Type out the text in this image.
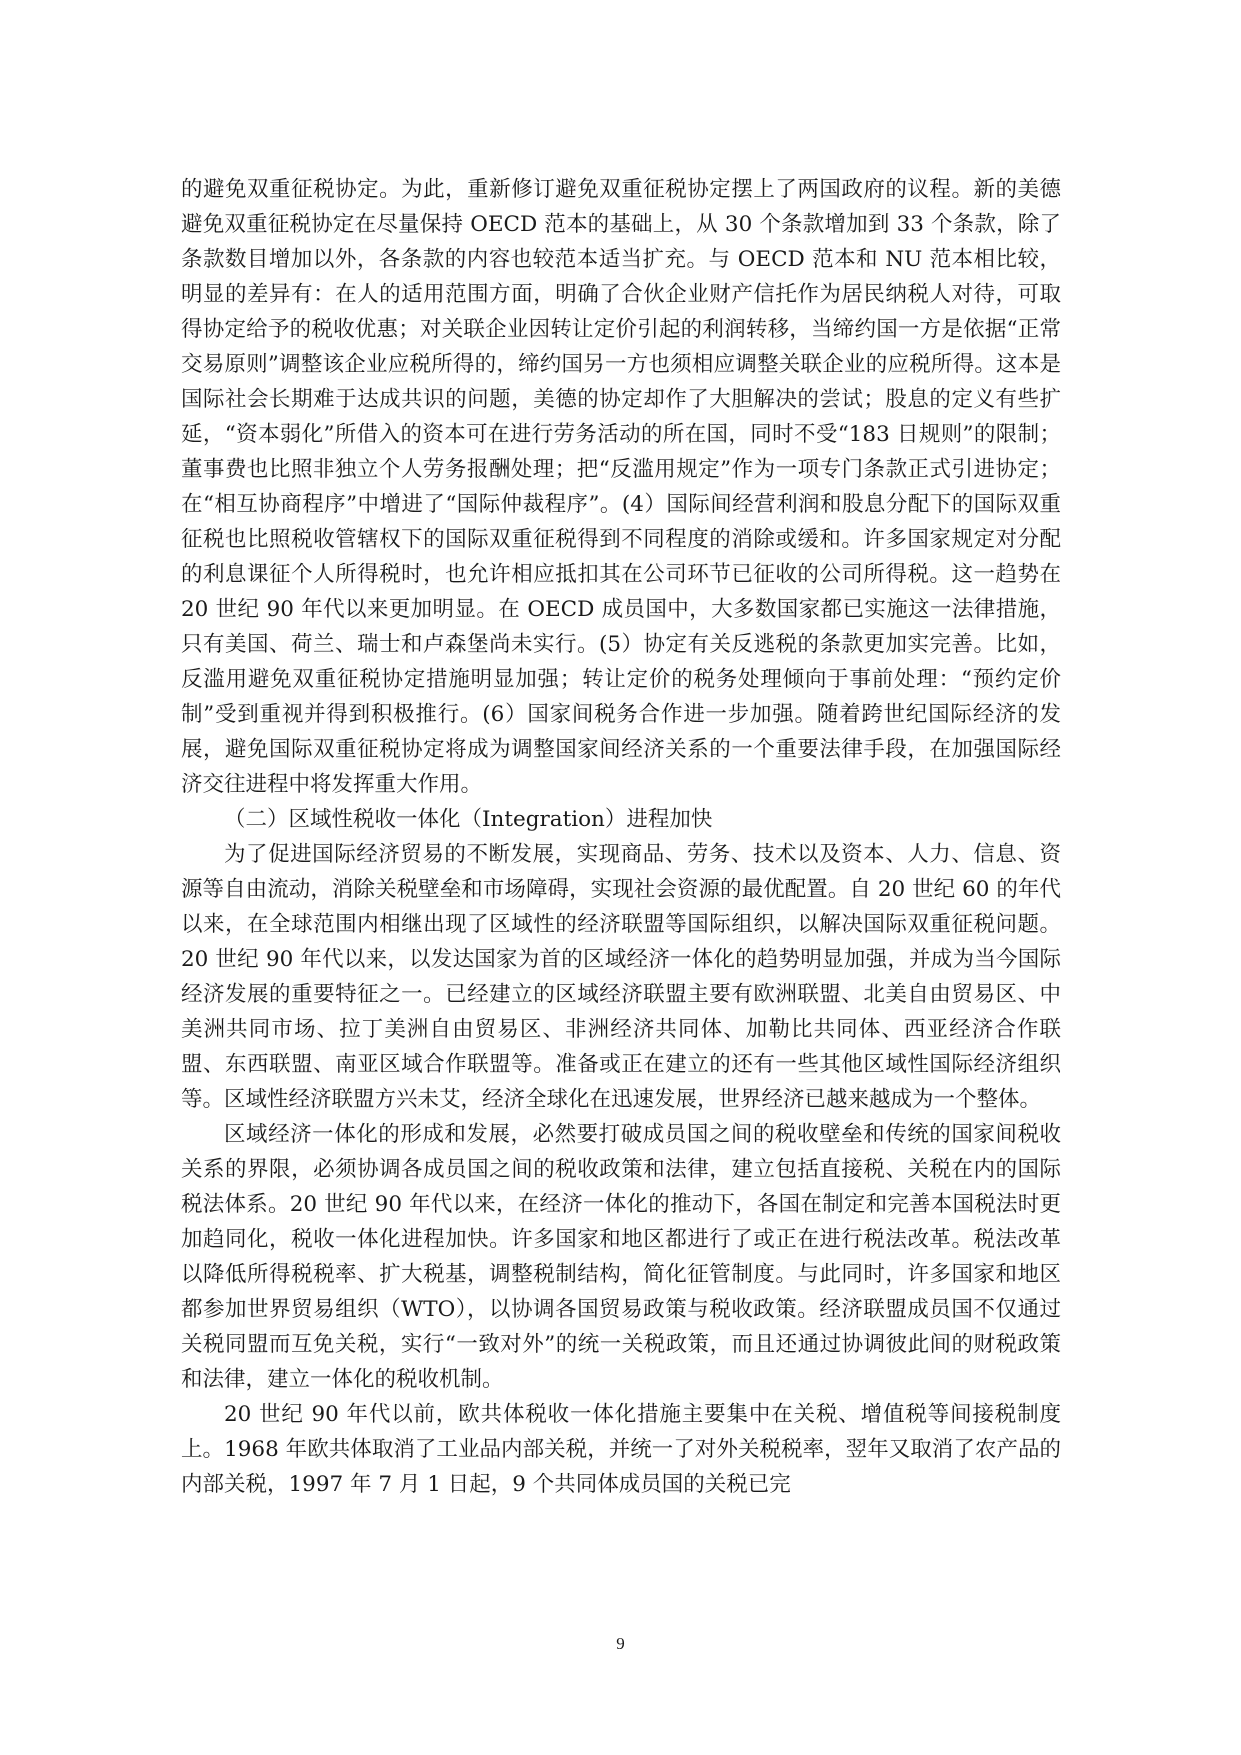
的避免双重征税协定。为此，重新修订避免双重征税协定摆上了两国政府的议程。新的美德避免双重征税协定在尽量保持 OECD 范本的基础上，从 30 个条款增加到 33 个条款，除了条款数目增加以外，各条款的内容也较范本适当扩充。与 OECD 范本和 NU 范本相比较，明显的差异有：在人的适用范围方面，明确了合伙企业财产信托作为居民纳税人对待，可取得协定给予的税收优惠；对关联企业因转让定价引起的利润转移，当缔约国一方是依据“正常交易原则”调整该企业应税所得的，缔约国另一方也须相应调整关联企业的应税所得。这本是国际社会长期难于达成共识的问题，美德的协定却作了大胆解决的尝试；股息的定义有些扩延，“资本弱化”所借入的资本可在进行劳务活动的所在国，同时不受“183 日规则”的限制；董事费也比照非独立个人劳务报酬处理；把“反滥用规定”作为一项专门条款正式引进协定；在“相互协商程序”中增进了“国际仲裁程序”。(4）国际间经营利润和股息分配下的国际双重征税也比照税收管辖权下的国际双重征税得到不同程度的消除或缓和。许多国家规定对分配的利息课征个人所得税时，也允许相应抵扣其在公司环节已征收的公司所得税。这一趋势在 20 世纪 90 年代以来更加明显。在 OECD 成员国中，大多数国家都已实施这一法律措施，只有美国、荷兰、瑞士和卢森堡尚未实行。(5）协定有关反逃税的条款更加实完善。比如，反滥用避免双重征税协定措施明显加强；转让定价的税务处理倾向于事前处理：“预约定价制”受到重视并得到积极推行。(6）国家间税务合作进一步加强。随着跨世纪国际经济的发展，避免国际双重征税协定将成为调整国家间经济关系的一个重要法律手段，在加强国际经济交往进程中将发挥重大作用。

（二）区域性税收一体化（Integration）进程加快

为了促进国际经济贸易的不断发展，实现商品、劳务、技术以及资本、人力、信息、资源等自由流动，消除关税壁垒和市场障碍，实现社会资源的最优配置。自 20 世纪 60 的年代以来，在全球范围内相继出现了区域性的经济联盟等国际组织，以解决国际双重征税问题。20 世纪 90 年代以来，以发达国家为首的区域经济一体化的趋势明显加强，并成为当今国际经济发展的重要特征之一。已经建立的区域经济联盟主要有欧洲联盟、北美自由贸易区、中美洲共同市场、拉丁美洲自由贸易区、非洲经济共同体、加勒比共同体、西亚经济合作联盟、东西联盟、南亚区域合作联盟等。准备或正在建立的还有一些其他区域性国际经济组织等。区域性经济联盟方兴未艾，经济全球化在迅速发展，世界经济已越来越成为一个整体。

区域经济一体化的形成和发展，必然要打破成员国之间的税收壁垒和传统的国家间税收关系的界限，必须协调各成员国之间的税收政策和法律，建立包括直接税、关税在内的国际税法体系。20 世纪 90 年代以来，在经济一体化的推动下，各国在制定和完善本国税法时更加趋同化，税收一体化进程加快。许多国家和地区都进行了或正在进行税法改革。税法改革以降低所得税税率、扩大税基，调整税制结构，简化征管制度。与此同时，许多国家和地区都参加世界贸易组织（WTO），以协调各国贸易政策与税收政策。经济联盟成员国不仅通过关税同盟而互免关税，实行“一致对外”的统一关税政策，而且还通过协调彼此间的财税政策和法律，建立一体化的税收机制。

20 世纪 90 年代以前，欧共体税收一体化措施主要集中在关税、增值税等间接税制度上。1968 年欧共体取消了工业品内部关税，并统一了对外关税税率，翌年又取消了农产品的内部关税，1997 年 7 月 1 日起，9 个共同体成员国的关税已完

9
